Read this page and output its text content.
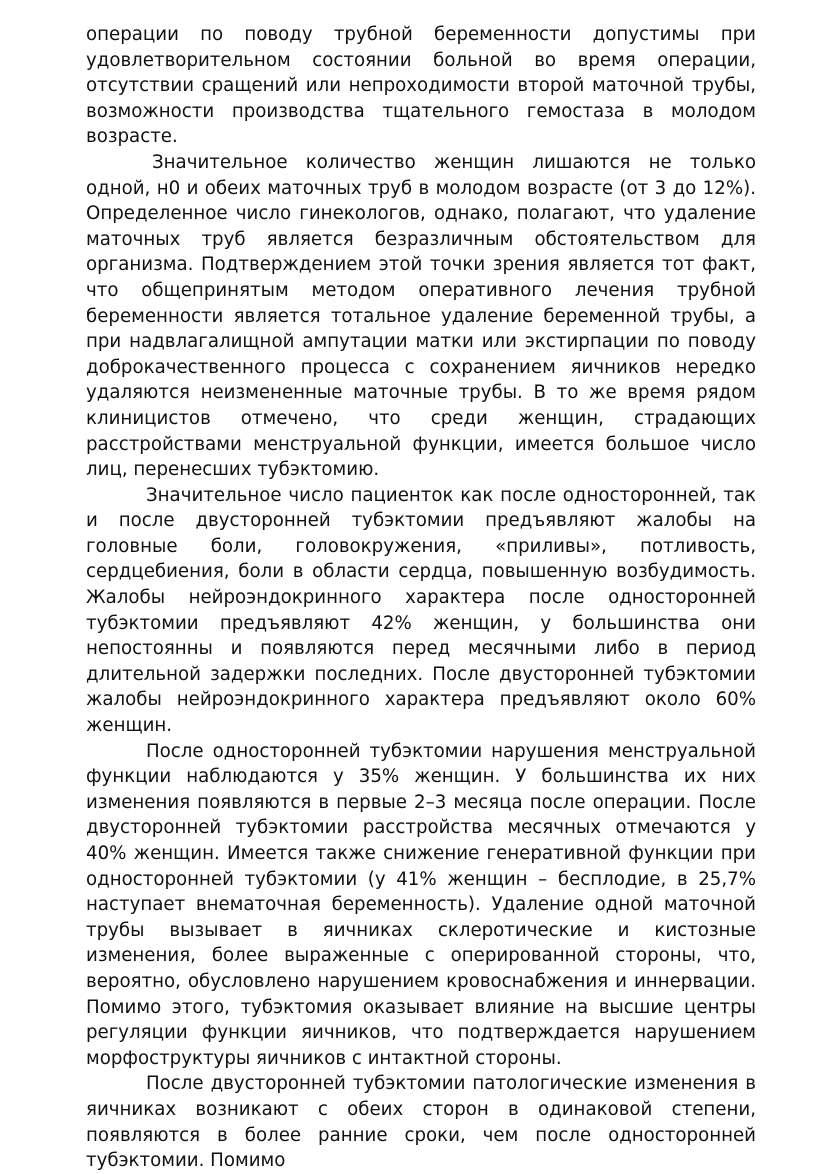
операции по поводу трубной беременности допустимы при удовлетворительном состоянии больной во время операции, отсутствии сращений или непроходимости второй маточной трубы, возможности производства тщательного гемостаза в молодом возрасте.

Значительное количество женщин лишаются не только одной, н0 и обеих маточных труб в молодом возрасте (от 3 до 12%). Определенное число гинекологов, однако, полагают, что удаление маточных труб является безразличным обстоятельством для организма. Подтверждением этой точки зрения является тот факт, что общепринятым методом оперативного лечения трубной беременности является тотальное удаление беременной трубы, а при надвлагалищной ампутации матки или экстирпации по поводу доброкачественного процесса с сохранением яичников нередко удаляются неизмененные маточные трубы. В то же время рядом клиницистов отмечено, что среди женщин, страдающих расстройствами менструальной функции, имеется большое число лиц, перенесших тубэктомию.

Значительное число пациенток как после односторонней, так и после двусторонней тубэктомии предъявляют жалобы на головные боли, головокружения, «приливы», потливость, сердцебиения, боли в области сердца, повышенную возбудимость. Жалобы нейроэндокринного характера после односторонней тубэктомии предъявляют 42% женщин, у большинства они непостоянны и появляются перед месячными либо в период длительной задержки последних. После двусторонней тубэктомии жалобы нейроэндокринного характера предъявляют около 60% женщин.

После односторонней тубэктомии нарушения менструальной функции наблюдаются у 35% женщин. У большинства их них изменения появляются в первые 2–3 месяца после операции. После двусторонней тубэктомии расстройства месячных отмечаются у 40% женщин. Имеется также снижение генеративной функции при односторонней тубэктомии (у 41% женщин – бесплодие, в 25,7% наступает внематочная беременность). Удаление одной маточной трубы вызывает в яичниках склеротические и кистозные изменения, более выраженные с оперированной стороны, что, вероятно, обусловлено нарушением кровоснабжения и иннервации. Помимо этого, тубэктомия оказывает влияние на высшие центры регуляции функции яичников, что подтверждается нарушением морфоструктуры яичников с интактной стороны.

После двусторонней тубэктомии патологические изменения в яичниках возникают с обеих сторон в одинаковой степени, появляются в более ранние сроки, чем после односторонней тубэктомии. Помимо
